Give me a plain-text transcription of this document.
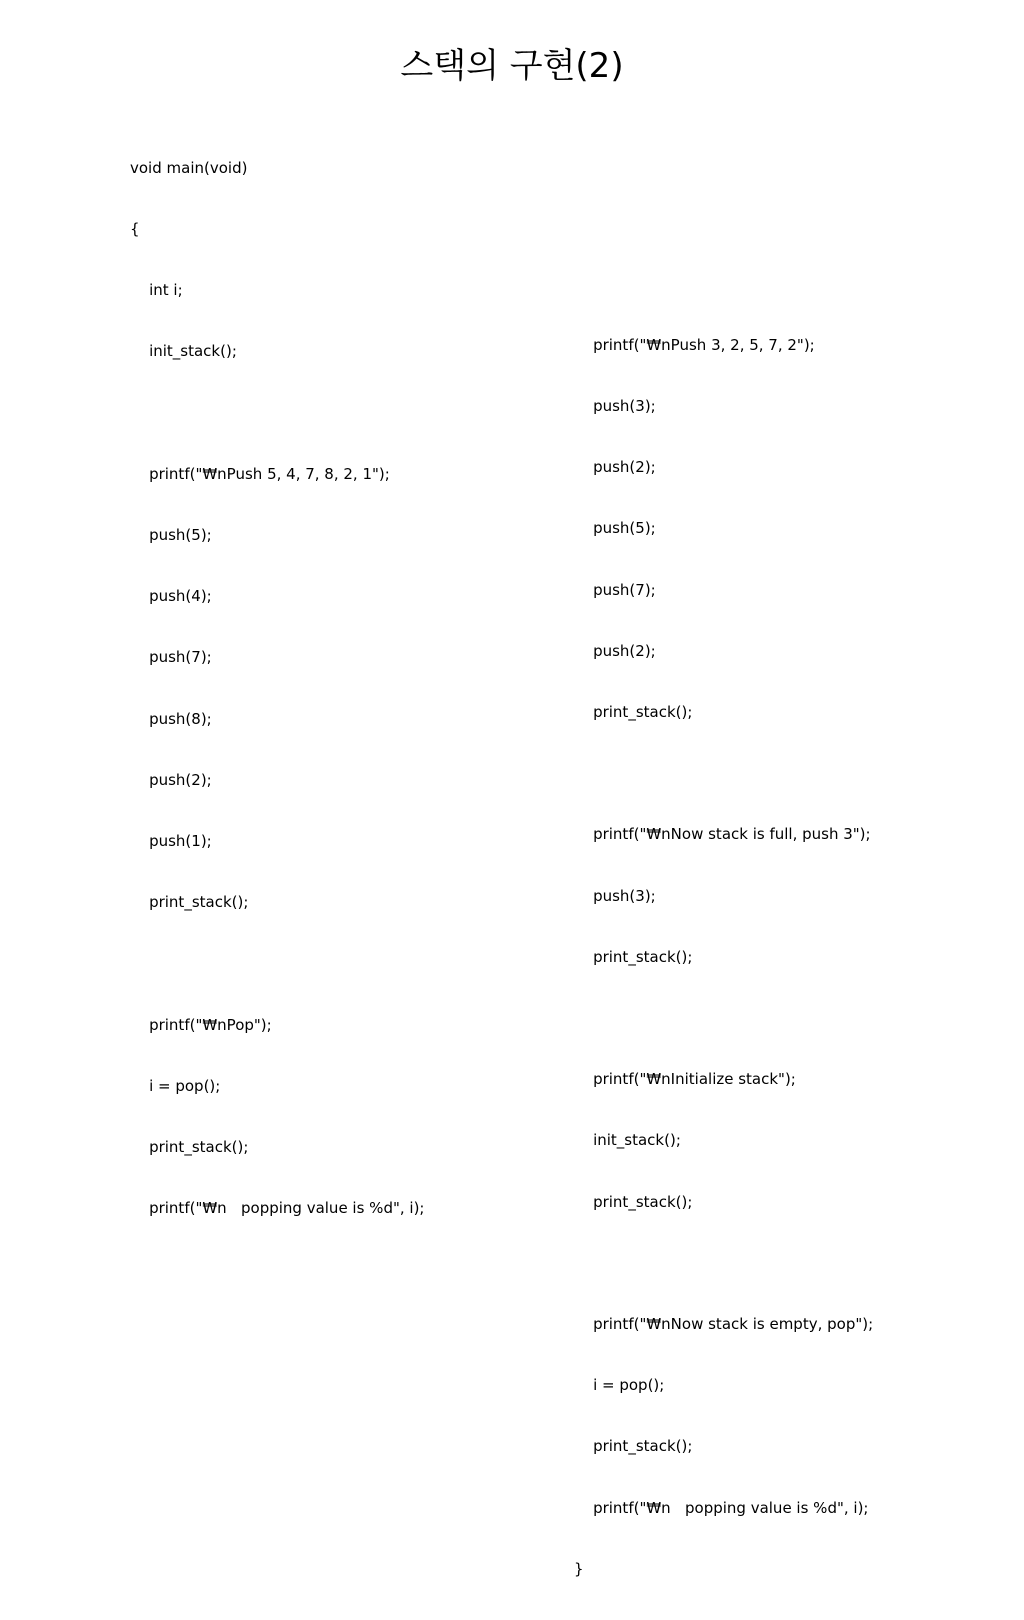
스택의 구현(2)

void main(void)

{

int i;

init_stack();

printf("₩nPush 5, 4, 7, 8, 2, 1");

push(5);

push(4);

push(7);

push(8);

push(2);

push(1);

print_stack();

printf("₩nPop");

i = pop();

print_stack();

printf("₩n   popping value is %d", i);

printf("₩nPush 3, 2, 5, 7, 2");

push(3);

push(2);

push(5);

push(7);

push(2);

print_stack();

printf("₩nNow stack is full, push 3");

push(3);

print_stack();

printf("₩nInitialize stack");

init_stack();

print_stack();

printf("₩nNow stack is empty, pop");

i = pop();

print_stack();

printf("₩n   popping value is %d", i);

}
